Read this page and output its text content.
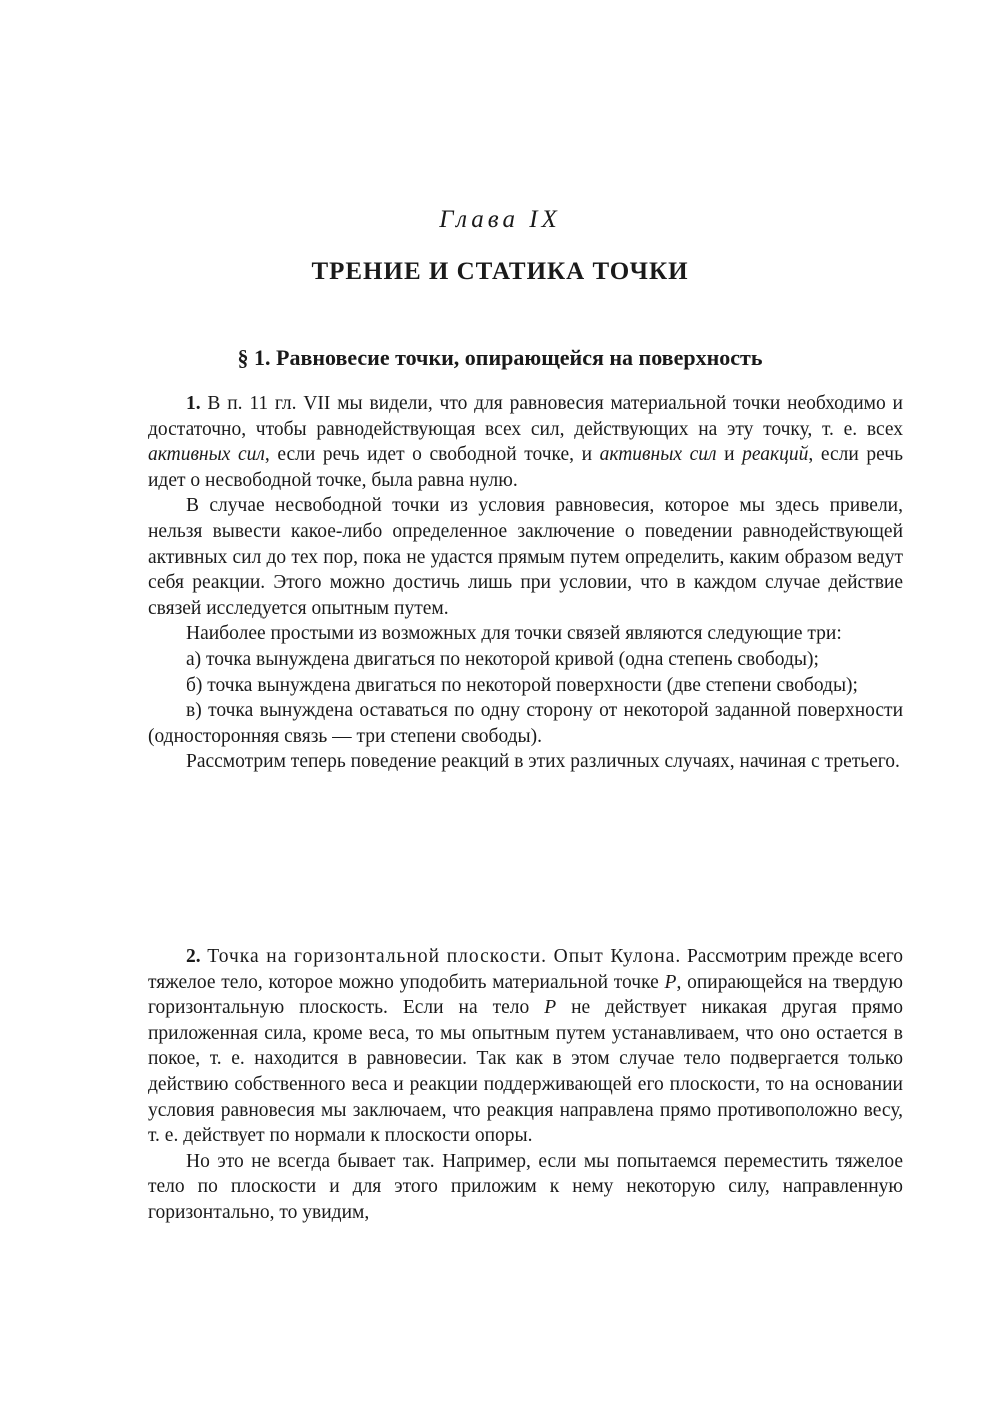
Глава IX
ТРЕНИЕ И СТАТИКА ТОЧКИ
§ 1. Равновесие точки, опирающейся на поверхность

1. В п. 11 гл. VII мы видели, что для равновесия материальной точки необходимо и достаточно, чтобы равнодействующая всех сил, действующих на эту точку, т. е. всех активных сил, если речь идет о свободной точке, и активных сил и реакций, если речь идет о несвободной точке, была равна нулю.

В случае несвободной точки из условия равновесия, которое мы здесь привели, нельзя вывести какое-либо определенное заключение о поведении равнодействующей активных сил до тех пор, пока не удастся прямым путем определить, каким образом ведут себя реакции. Этого можно достичь лишь при условии, что в каждом случае действие связей исследуется опытным путем.

Наиболее простыми из возможных для точки связей являются следующие три:

а) точка вынуждена двигаться по некоторой кривой (одна степень свободы);

б) точка вынуждена двигаться по некоторой поверхности (две степени свободы);

в) точка вынуждена оставаться по одну сторону от некоторой заданной поверхности (односторонняя связь — три степени свободы).

Рассмотрим теперь поведение реакций в этих различных случаях, начиная с третьего.

2. Точка на горизонтальной плоскости. Опыт Кулона. Рассмотрим прежде всего тяжелое тело, которое можно уподобить материальной точке P, опирающейся на твердую горизонтальную плоскость. Если на тело P не действует никакая другая прямо приложенная сила, кроме веса, то мы опытным путем устанавливаем, что оно остается в покое, т. е. находится в равновесии. Так как в этом случае тело подвергается только действию собственного веса и реакции поддерживающей его плоскости, то на основании условия равновесия мы заключаем, что реакция направлена прямо противоположно весу, т. е. действует по нормали к плоскости опоры.

Но это не всегда бывает так. Например, если мы попытаемся переместить тяжелое тело по плоскости и для этого приложим к нему некоторую силу, направленную горизонтально, то увидим,
